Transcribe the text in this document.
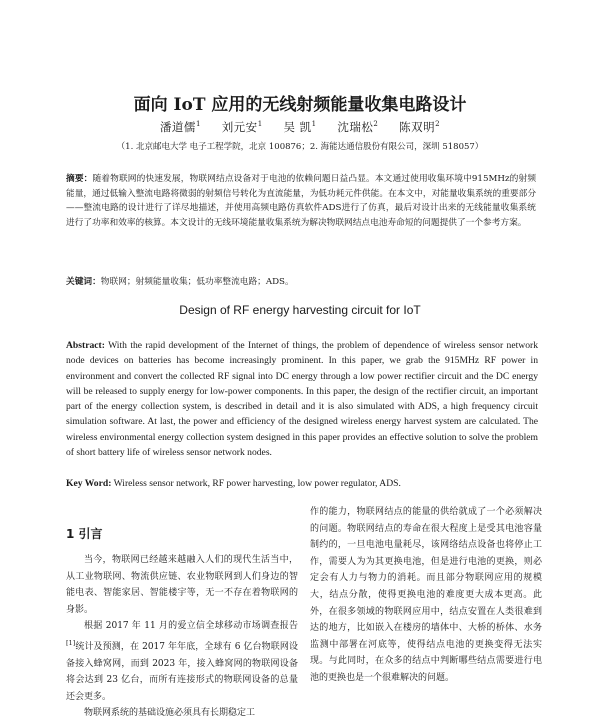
面向 IoT 应用的无线射频能量收集电路设计
潘道儒$^1$ 刘元安$^1$ 吴 凯$^1$ 沈瑞松$^2$ 陈双明$^2$
（1. 北京邮电大学 电子工程学院，北京 100876；2. 海能达通信股份有限公司，深圳 518057）
摘要：随着物联网的快速发展，物联网结点设备对于电池的依赖问题日益凸显。本文通过使用收集环境中915MHz的射频能量，通过低输入整流电路将微弱的射频信号转化为直流能量，为低功耗元件供能。在本文中，对能量收集系统的重要部分——整流电路的设计进行了详尽地描述，并使用高频电路仿真软件ADS进行了仿真，最后对设计出来的无线能量收集系统进行了功率和效率的核算。本文设计的无线环境能量收集系统为解决物联网结点电池寿命短的问题提供了一个参考方案。
关键词：物联网；射频能量收集；低功率整流电路；ADS。
Design of RF energy harvesting circuit for IoT
Abstract: With the rapid development of the Internet of things, the problem of dependence of wireless sensor network node devices on batteries has become increasingly prominent. In this paper, we grab the 915MHz RF power in environment and convert the collected RF signal into DC energy through a low power rectifier circuit and the DC energy will be released to supply energy for low-power components. In this paper, the design of the rectifier circuit, an important part of the energy collection system, is described in detail and it is also simulated with ADS, a high frequency circuit simulation software. At last, the power and efficiency of the designed wireless energy harvest system are calculated. The wireless environmental energy collection system designed in this paper provides an effective solution to solve the problem of short battery life of wireless sensor network nodes.
Key Word: Wireless sensor network, RF power harvesting, low power regulator, ADS.
1 引言

当今，物联网已经越来越融入人们的现代生活当中，从工业物联网、物流供应链、农业物联网到人们身边的智能电表、智能家居、智能楼宇等，无一不存在着物联网的身影。

根据 2017 年 11 月的爱立信全球移动市场调查报告[1]统计及预测，在 2017 年年底，全球有 6 亿台物联网设备接入蜂窝网，而到 2023 年，接入蜂窝网的物联网设备将会达到 23 亿台，而所有连接形式的物联网设备的总量还会更多。

物联网系统的基础设施必须具有长期稳定工

作的能力，物联网结点的能量的供给就成了一个必须解决的问题。物联网结点的寿命在很大程度上是受其电池容量制约的，一旦电池电量耗尽，该网络结点设备也将停止工作，需要人为为其更换电池，但是进行电池的更换，则必定会有人力与物力的消耗。而且部分物联网应用的规模大，结点分散，使得更换电池的难度更大成本更高。此外，在很多领域的物联网应用中，结点安置在人类很难到达的地方，比如嵌入在楼房的墙体中、大桥的桥体、水务监测中部署在河底等，使得结点电池的更换变得无法实现。与此同时，在众多的结点中判断哪些结点需要进行电池的更换也是一个很难解决的问题。
